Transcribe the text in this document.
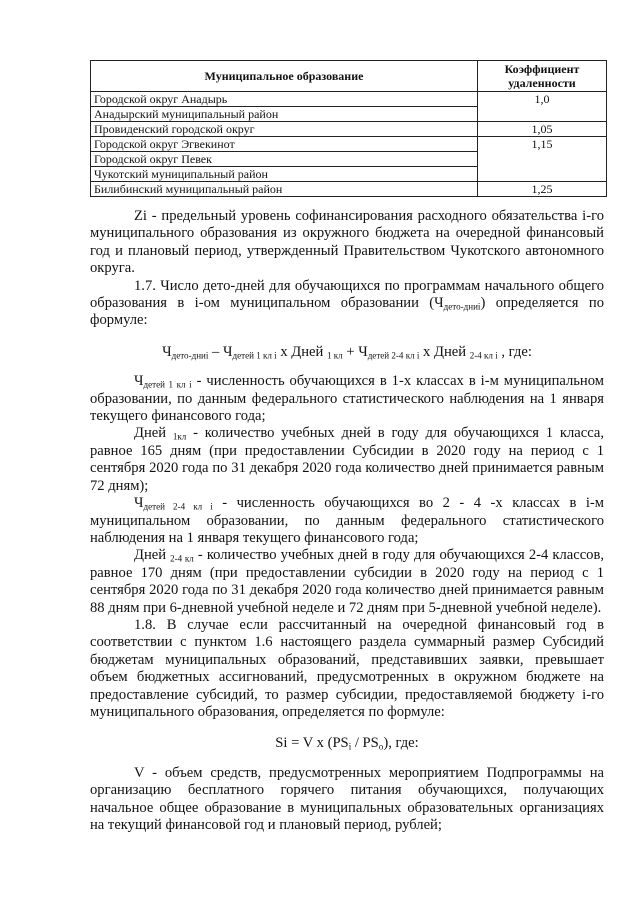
Муниципальное образование	Коэффициент удаленности
Городской округ Анадырь	1,0
Анадырский муниципальный район	
Провиденский городской округ	1,05
Городской округ Эгвекинот	1,15
Городской округ Певек	
Чукотский муниципальный район	
Билибинский муниципальный район	1,25
Zi - предельный уровень софинансирования расходного обязательства i-го муниципального образования из окружного бюджета на очередной финансовый год и плановый период, утвержденный Правительством Чукотского автономного округа.
1.7. Число дето-дней для обучающихся по программам начального общего образования в i-ом муниципальном образовании $(Ч_{дето-дниi})$ определяется по формуле:
$Ч_{дето-дниi} - Ч_{детей 1 кл i}$ x Дней $_{1 кл} + Ч_{детей 2-4 кл i}$ x Дней $_{2-4 кл i}$ , где:
$Ч_{детей 1 кл i}$ - численность обучающихся в 1-х классах в i-м муниципальном образовании, по данным федерального статистического наблюдения на 1 января текущего финансового года;
Дней $_{1кл}$ - количество учебных дней в году для обучающихся 1 класса, равное 165 дням (при предоставлении Субсидии в 2020 году на период с 1 сентября 2020 года по 31 декабря 2020 года количество дней принимается равным 72 дням);
$Ч_{детей 2-4 кл i}$ - численность обучающихся во 2 - 4 -х классах в i-м муниципальном образовании, по данным федерального статистического наблюдения на 1 января текущего финансового года;
Дней $_{2-4 кл}$ - количество учебных дней в году для обучающихся 2-4 классов, равное 170 дням (при предоставлении субсидии в 2020 году на период с 1 сентября 2020 года по 31 декабря 2020 года количество дней принимается равным 88 дням при 6-дневной учебной неделе и 72 дням при 5-дневной учебной неделе).
1.8. В случае если рассчитанный на очередной финансовый год в соответствии с пунктом 1.6 настоящего раздела суммарный размер Субсидий бюджетам муниципальных образований, представивших заявки, превышает объем бюджетных ассигнований, предусмотренных в окружном бюджете на предоставление субсидий, то размер субсидии, предоставляемой бюджету i-го муниципального образования, определяется по формуле:
Si = V x $(PS_i / PS_o)$, где:
V - объем средств, предусмотренных мероприятием Подпрограммы на организацию бесплатного горячего питания обучающихся, получающих начальное общее образование в муниципальных образовательных организациях на текущий финансовой год и плановый период, рублей;
